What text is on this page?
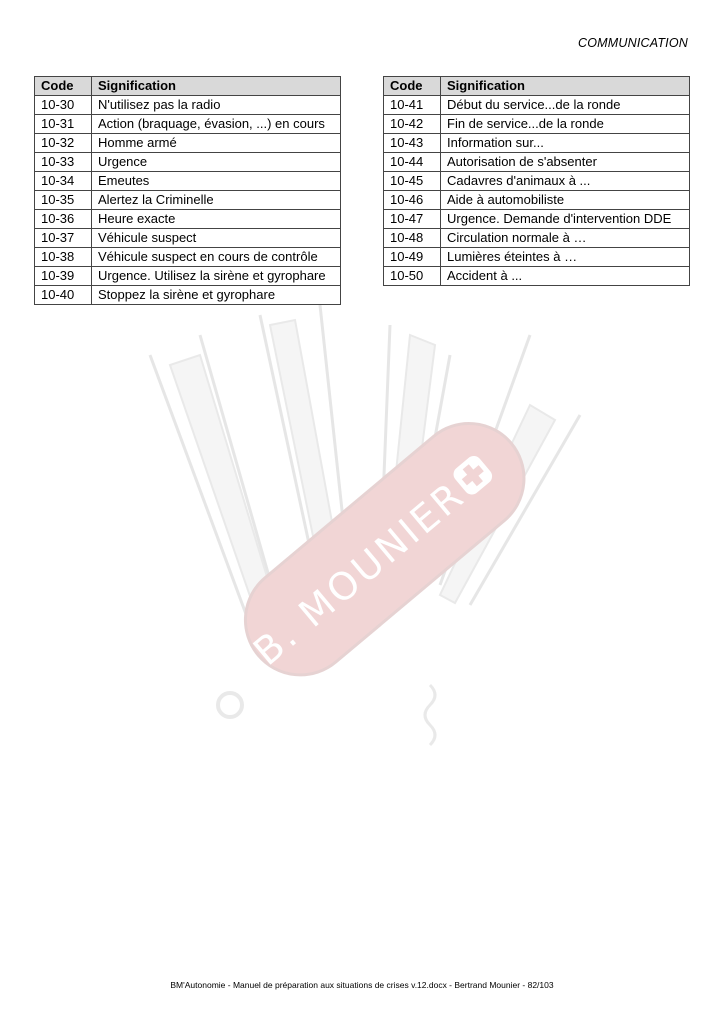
COMMUNICATION
B. MOUNIER
Code	Signification
10-30	N'utilisez pas la radio
10-31	Action (braquage, évasion, ...) en cours
10-32	Homme armé
10-33	Urgence
10-34	Emeutes
10-35	Alertez la Criminelle
10-36	Heure exacte
10-37	Véhicule suspect
10-38	Véhicule suspect en cours de contrôle
10-39	Urgence. Utilisez la sirène et gyrophare
10-40	Stoppez la sirène et gyrophare
Code	Signification
10-41	Début du service...de la ronde
10-42	Fin de service...de la ronde
10-43	Information sur...
10-44	Autorisation de s'absenter
10-45	Cadavres d'animaux à ...
10-46	Aide à automobiliste
10-47	Urgence. Demande d'intervention DDE
10-48	Circulation normale à …
10-49	Lumières éteintes à …
10-50	Accident à ...
BM'Autonomie - Manuel de préparation aux situations de crises v.12.docx - Bertrand Mounier - 82/103
